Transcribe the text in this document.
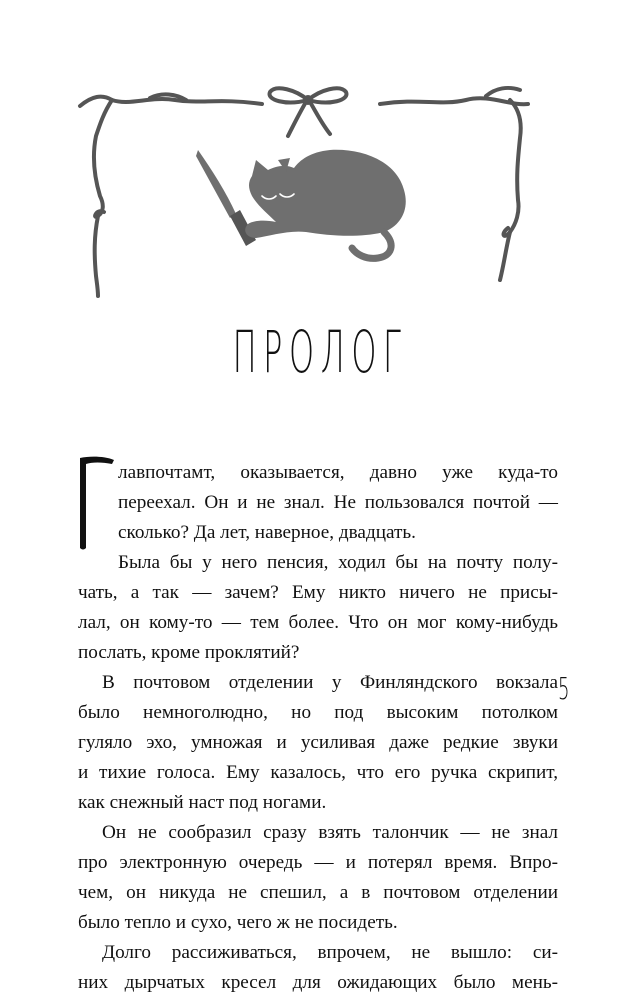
ПРОЛОГ
Г
лавпочтамт, оказывается, давно уже куда-то
переехал. Он и не знал. Не пользовался почтой —
сколько? Да лет, наверное, двадцать.
Была бы у него пенсия, ходил бы на почту полу-
чать, а так — зачем? Ему никто ничего не присы-
лал, он кому-то — тем более. Что он мог кому-нибудь
послать, кроме проклятий?
В почтовом отделении у Финляндского вокзала
было немноголюдно, но под высоким потолком
гуляло эхо, умножая и усиливая даже редкие звуки
и тихие голоса. Ему казалось, что его ручка скрипит,
как снежный наст под ногами.
Он не сообразил сразу взять талончик — не знал
про электронную очередь — и потерял время. Впро-
чем, он никуда не спешил, а в почтовом отделении
было тепло и сухо, чего ж не посидеть.
Долго рассиживаться, впрочем, не вышло: си-
них дырчатых кресел для ожидающих было мень-
5
